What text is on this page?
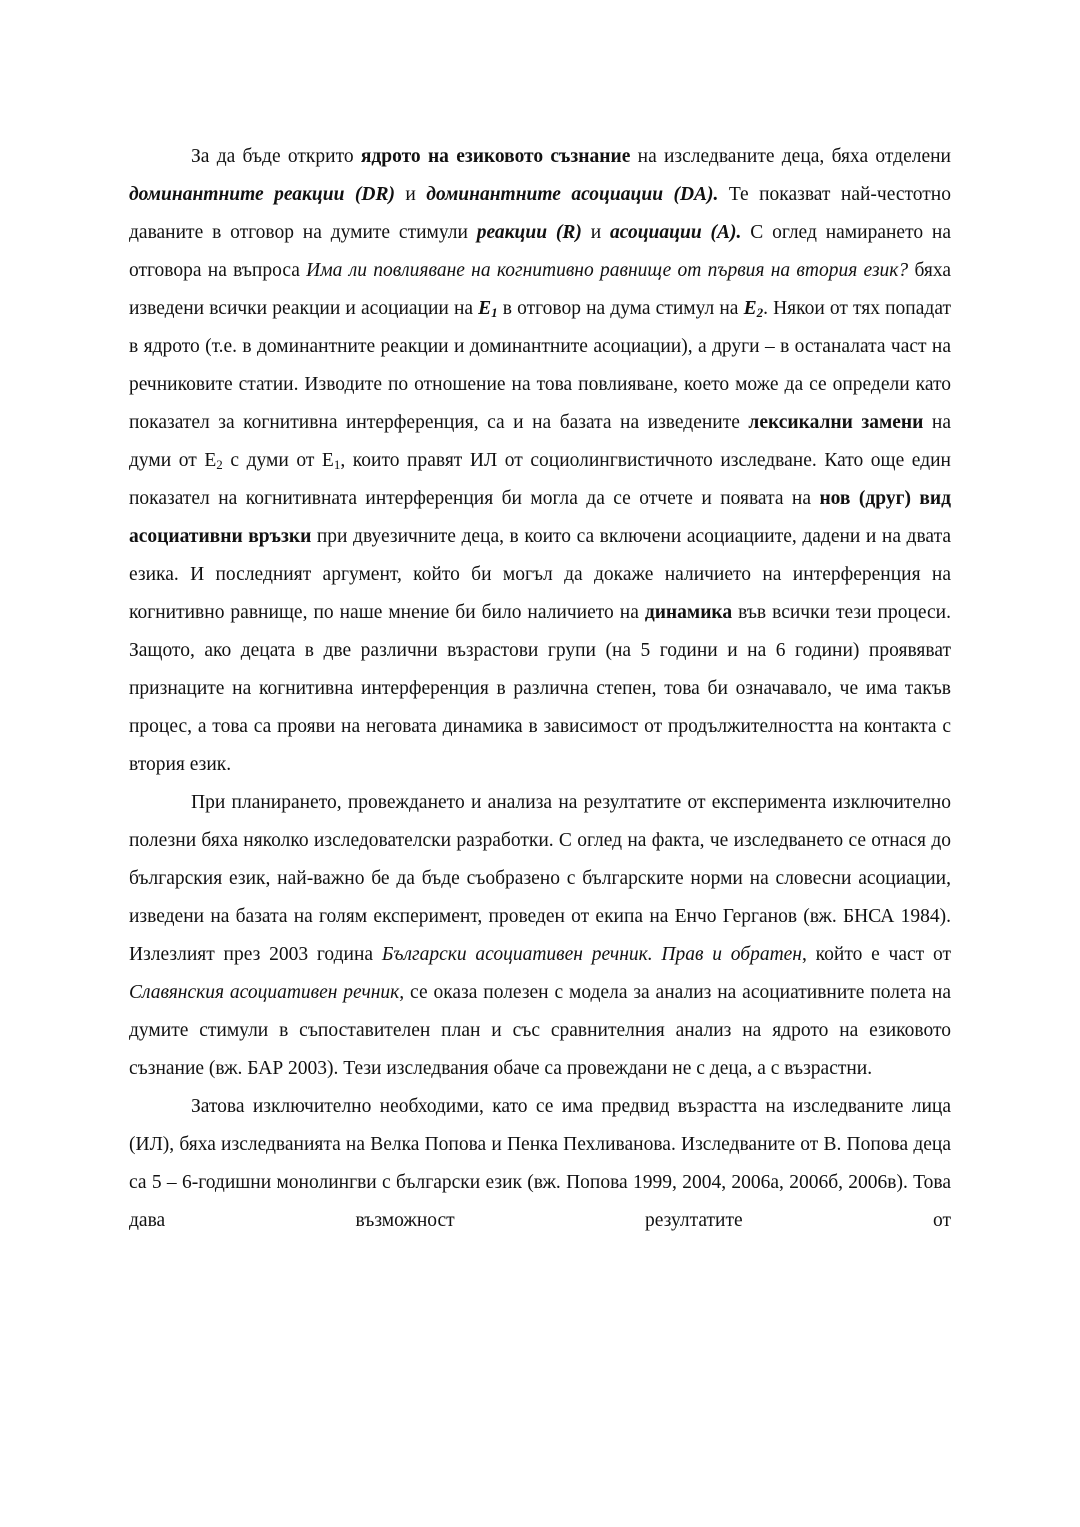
За да бъде открито ядрото на езиковото съзнание на изследваните деца, бяха отделени доминантните реакции (DR) и доминантните асоциации (DA). Те показват най-честотно даваните в отговор на думите стимули реакции (R) и асоциации (A). С оглед намирането на отговора на въпроса Има ли повлияване на когнитивно равнище от първия на втория език? бяха изведени всички реакции и асоциации на $E_1$ в отговор на дума стимул на $E_2$. Някои от тях попадат в ядрото (т.е. в доминантните реакции и доминантните асоциации), а други – в останалата част на речниковите статии. Изводите по отношение на това повлияване, което може да се определи като показател за когнитивна интерференция, са и на базата на изведените лексикални замени на думи от $Е_2$ с думи от $Е_1$, които правят ИЛ от социолингвистичното изследване. Като още един показател на когнитивната интерференция би могла да се отчете и появата на нов (друг) вид асоциативни връзки при двуезичните деца, в които са включени асоциациите, дадени и на двата езика. И последният аргумент, който би могъл да докаже наличието на интерференция на когнитивно равнище, по наше мнение би било наличието на динамика във всички тези процеси. Защото, ако децата в две различни възрастови групи (на 5 години и на 6 години) проявяват признаците на когнитивна интерференция в различна степен, това би означавало, че има такъв процес, а това са прояви на неговата динамика в зависимост от продължителността на контакта с втория език.

При планирането, провеждането и анализа на резултатите от експеримента изключително полезни бяха няколко изследователски разработки. С оглед на факта, че изследването се отнася до българския език, най-важно бе да бъде съобразено с българските норми на словесни асоциации, изведени на базата на голям експеримент, проведен от екипа на Енчо Герганов (вж. БНСА 1984). Излезлият през 2003 година Български асоциативен речник. Прав и обратен, който е част от Славянския асоциативен речник, се оказа полезен с модела за анализ на асоциативните полета на думите стимули в съпоставителен план и със сравнителния анализ на ядрото на езиковото съзнание (вж. БАР 2003). Тези изследвания обаче са провеждани не с деца, а с възрастни.

Затова изключително необходими, като се има предвид възрастта на изследваните лица (ИЛ), бяха изследванията на Велка Попова и Пенка Пехливанова. Изследваните от В. Попова деца са 5 – 6-годишни монолингви с български език (вж. Попова 1999, 2004, 2006а, 2006б, 2006в). Това дава възможност резултатите от
